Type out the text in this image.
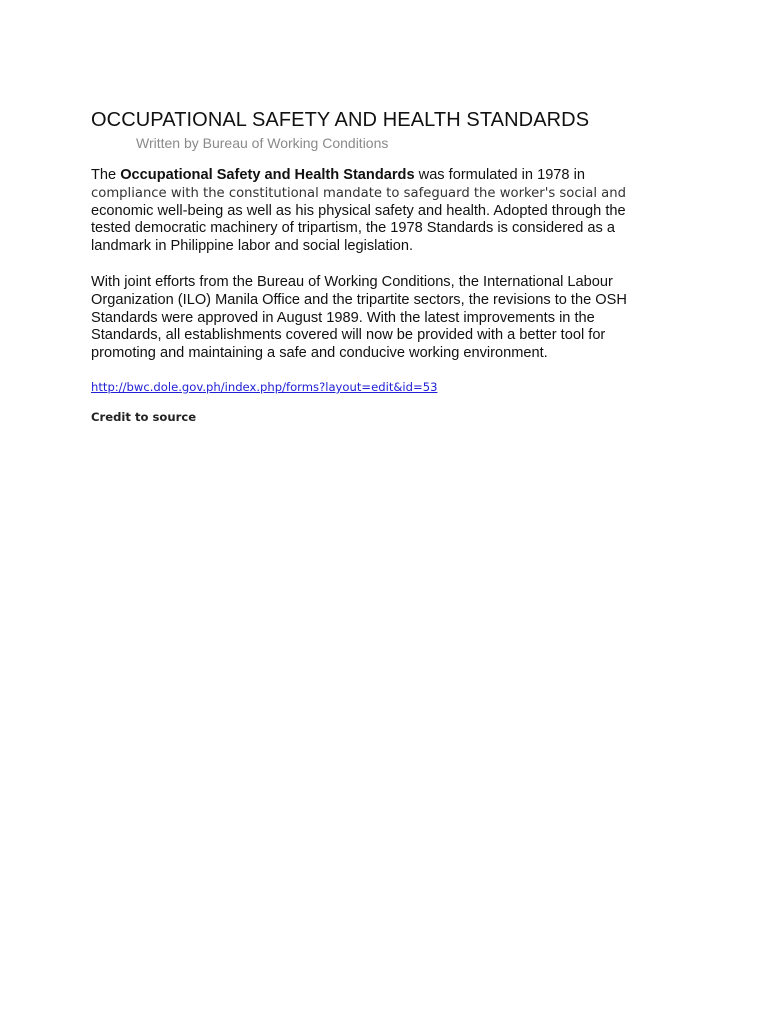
OCCUPATIONAL SAFETY AND HEALTH STANDARDS
Written by Bureau of Working Conditions

The Occupational Safety and Health Standards was formulated in 1978 in compliance with the constitutional mandate to safeguard the worker's social and economic well-being as well as his physical safety and health. Adopted through the tested democratic machinery of tripartism, the 1978 Standards is considered as a landmark in Philippine labor and social legislation.

With joint efforts from the Bureau of Working Conditions, the International Labour Organization (ILO) Manila Office and the tripartite sectors, the revisions to the OSH Standards were approved in August 1989. With the latest improvements in the Standards, all establishments covered will now be provided with a better tool for promoting and maintaining a safe and conducive working environment.

http://bwc.dole.gov.ph/index.php/forms?layout=edit&id=53

Credit to source
